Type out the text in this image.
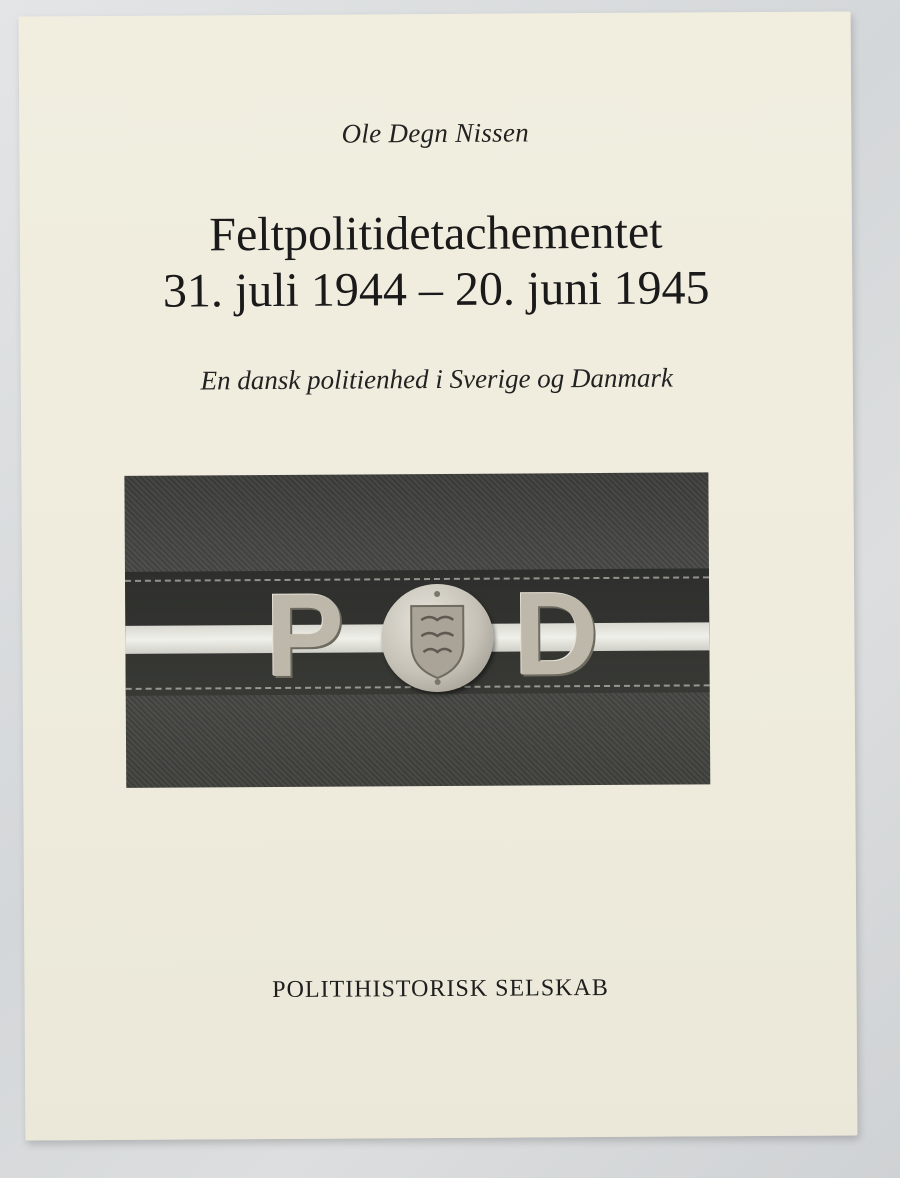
Ole Degn Nissen
Feltpolitidetachementet
31. juli 1944 – 20. juni 1945
En dansk politienhed i Sverige og Danmark
P D
POLITIHISTORISK SELSKAB
